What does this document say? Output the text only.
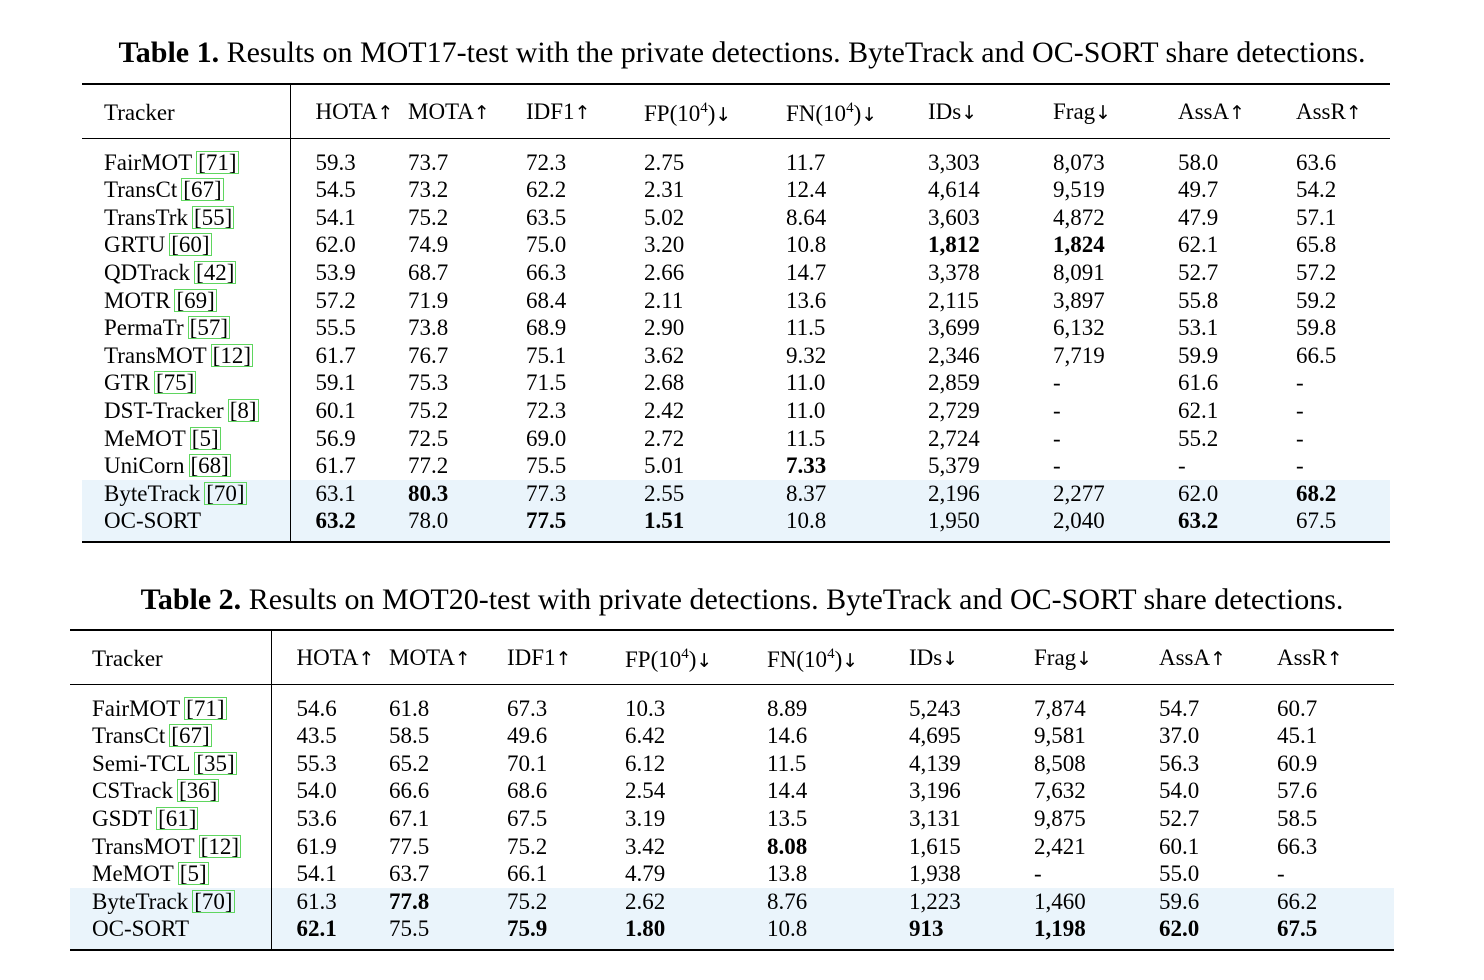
Table 1. Results on MOT17-test with the private detections. ByteTrack and OC-SORT share detections.
Tracker	HOTA↑	MOTA↑	IDF1↑	$FP(10^4)↓$	$FN(10^4)↓$	IDs↓	Frag↓	AssA↑	AssR↑
FairMOT [71]	59.3	73.7	72.3	2.75	11.7	3,303	8,073	58.0	63.6
TransCt [67]	54.5	73.2	62.2	2.31	12.4	4,614	9,519	49.7	54.2
TransTrk [55]	54.1	75.2	63.5	5.02	8.64	3,603	4,872	47.9	57.1
GRTU [60]	62.0	74.9	75.0	3.20	10.8	1,812	1,824	62.1	65.8
QDTrack [42]	53.9	68.7	66.3	2.66	14.7	3,378	8,091	52.7	57.2
MOTR [69]	57.2	71.9	68.4	2.11	13.6	2,115	3,897	55.8	59.2
PermaTr [57]	55.5	73.8	68.9	2.90	11.5	3,699	6,132	53.1	59.8
TransMOT [12]	61.7	76.7	75.1	3.62	9.32	2,346	7,719	59.9	66.5
GTR [75]	59.1	75.3	71.5	2.68	11.0	2,859	-	61.6	-
DST-Tracker [8]	60.1	75.2	72.3	2.42	11.0	2,729	-	62.1	-
MeMOT [5]	56.9	72.5	69.0	2.72	11.5	2,724	-	55.2	-
UniCorn [68]	61.7	77.2	75.5	5.01	7.33	5,379	-	-	-
ByteTrack [70]	63.1	80.3	77.3	2.55	8.37	2,196	2,277	62.0	68.2
OC-SORT	63.2	78.0	77.5	1.51	10.8	1,950	2,040	63.2	67.5
Table 2. Results on MOT20-test with private detections. ByteTrack and OC-SORT share detections.
Tracker	HOTA↑	MOTA↑	IDF1↑	$FP(10^4)↓$	$FN(10^4)↓$	IDs↓	Frag↓	AssA↑	AssR↑
FairMOT [71]	54.6	61.8	67.3	10.3	8.89	5,243	7,874	54.7	60.7
TransCt [67]	43.5	58.5	49.6	6.42	14.6	4,695	9,581	37.0	45.1
Semi-TCL [35]	55.3	65.2	70.1	6.12	11.5	4,139	8,508	56.3	60.9
CSTrack [36]	54.0	66.6	68.6	2.54	14.4	3,196	7,632	54.0	57.6
GSDT [61]	53.6	67.1	67.5	3.19	13.5	3,131	9,875	52.7	58.5
TransMOT [12]	61.9	77.5	75.2	3.42	8.08	1,615	2,421	60.1	66.3
MeMOT [5]	54.1	63.7	66.1	4.79	13.8	1,938	-	55.0	-
ByteTrack [70]	61.3	77.8	75.2	2.62	8.76	1,223	1,460	59.6	66.2
OC-SORT	62.1	75.5	75.9	1.80	10.8	913	1,198	62.0	67.5
